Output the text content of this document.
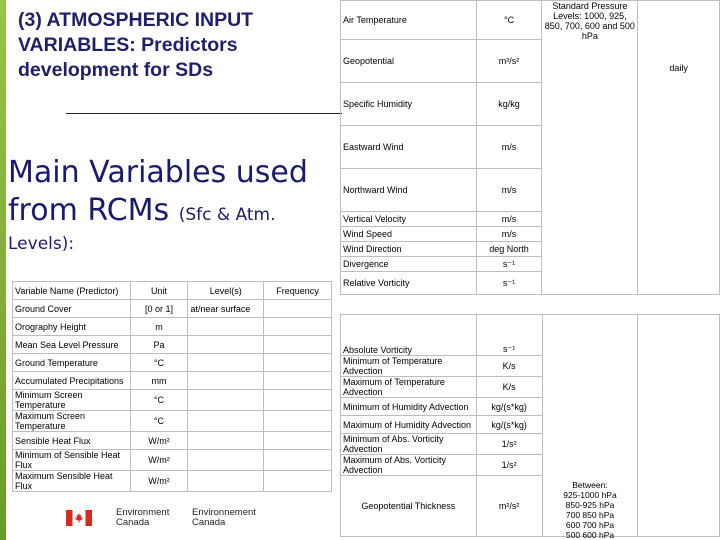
(3) ATMOSPHERIC INPUT VARIABLES: Predictors development for SDs
Main Variables used
from RCMs (Sfc & Atm.
Levels):
Variable Name (Predictor)	Unit	Level(s)	Frequency
Ground Cover	[0 or 1]	at/near surface	
Orography Height	m		
Mean Sea Level Pressure	Pa		
Ground Temperature	°C		
Accumulated Precipitations	mm		
Minimum Screen Temperature	°C		
Maximum Screen Temperature	°C		
Sensible Heat Flux	W/m²		
Minimum of Sensible Heat Flux	W/m²		
Maximum Sensible Heat Flux	W/m²		
Air Temperature	°C	Standard Pressure Levels: 1000, 925, 850, 700, 600 and 500 hPa	daily
Geopotential	m²/s²		
Specific Humidity	kg/kg		
Eastward Wind	m/s		
Northward Wind	m/s		
Vertical Velocity	m/s		
Wind Speed	m/s		
Wind Direction	deg North		
Divergence	s⁻¹		
Relative Vorticity	s⁻¹		
Absolute Vorticity	s⁻¹		
Minimum of Temperature Advection	K/s		
Maximum of Temperature Advection	K/s		
Minimum of Humidity Advection	kg/(s*kg)		
Maximum of Humidity Advection	kg/(s*kg)		
Minimum of Abs. Vorticity Advection	1/s²		
Maximum of Abs. Vorticity Advection	1/s²		
Geopotential Thickness	m²/s²		
Between:
925-1000 hPa
850-925 hPa
700 850 hPa
600 700 hPa
500 600 hPa
Environment
Canada
Environnement
Canada
